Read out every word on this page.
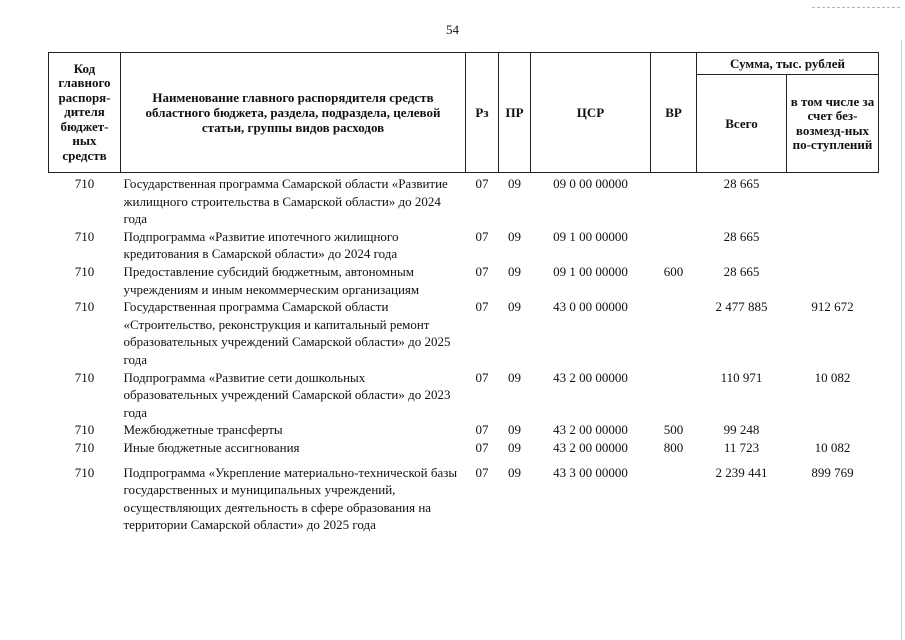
54
Код главного распоря-дителя бюджет-ных средств	Наименование главного распорядителя средств областного бюджета, раздела, подраздела, целевой статьи, группы видов расходов	Рз	ПР	ЦСР	ВР	Сумма, тыс. рублей	
						Всего	в том числе за счет без-возмезд-ных по-ступлений
710	Государственная программа Самарской области «Развитие жилищного строительства в Самарской области» до 2024 года	07	09	09 0 00 00000		28 665	
710	Подпрограмма «Развитие ипотечного жилищного кредитования в Самарской области» до 2024 года	07	09	09 1 00 00000		28 665	
710	Предоставление субсидий бюджетным, автономным учреждениям и иным некоммерческим организациям	07	09	09 1 00 00000	600	28 665	
710	Государственная программа Самарской области «Строительство, реконструкция и капитальный ремонт образовательных учреждений Самарской области» до 2025 года	07	09	43 0 00 00000		2 477 885	912 672
710	Подпрограмма «Развитие сети дошкольных образовательных учреждений Самарской области» до 2023 года	07	09	43 2 00 00000		110 971	10 082
710	Межбюджетные трансферты	07	09	43 2 00 00000	500	99 248	
710	Иные бюджетные ассигнования	07	09	43 2 00 00000	800	11 723	10 082
710	Подпрограмма «Укрепление материально-технической базы государственных и муниципальных учреждений, осуществляющих деятельность в сфере образования на территории Самарской области» до 2025 года	07	09	43 3 00 00000		2 239 441	899 769
